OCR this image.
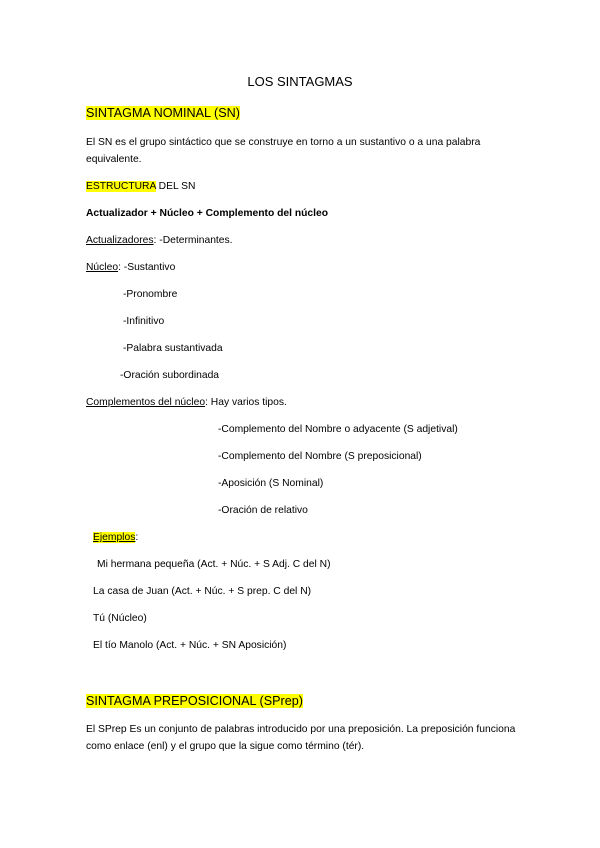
LOS SINTAGMAS
SINTAGMA NOMINAL (SN)
El SN es el grupo sintáctico que se construye en torno a un sustantivo o a una palabra equivalente.
ESTRUCTURA DEL SN
Actualizador + Núcleo + Complemento del núcleo
Actualizadores: -Determinantes.
Núcleo: -Sustantivo
-Pronombre
-Infinitivo
-Palabra sustantivada
-Oración subordinada
Complementos del núcleo: Hay varios tipos.
-Complemento del Nombre o adyacente (S adjetival)
-Complemento del Nombre (S preposicional)
-Aposición (S Nominal)
-Oración de relativo
Ejemplos:
Mi hermana pequeña (Act. + Núc. + S Adj. C del N)
La casa de Juan (Act. + Núc. + S prep. C del N)
Tú (Núcleo)
El tío Manolo (Act. + Núc. + SN Aposición)
SINTAGMA PREPOSICIONAL (SPrep)
El SPrep Es un conjunto de palabras introducido por una preposición. La preposición funciona como enlace (enl) y el grupo que la sigue como término (tér).
